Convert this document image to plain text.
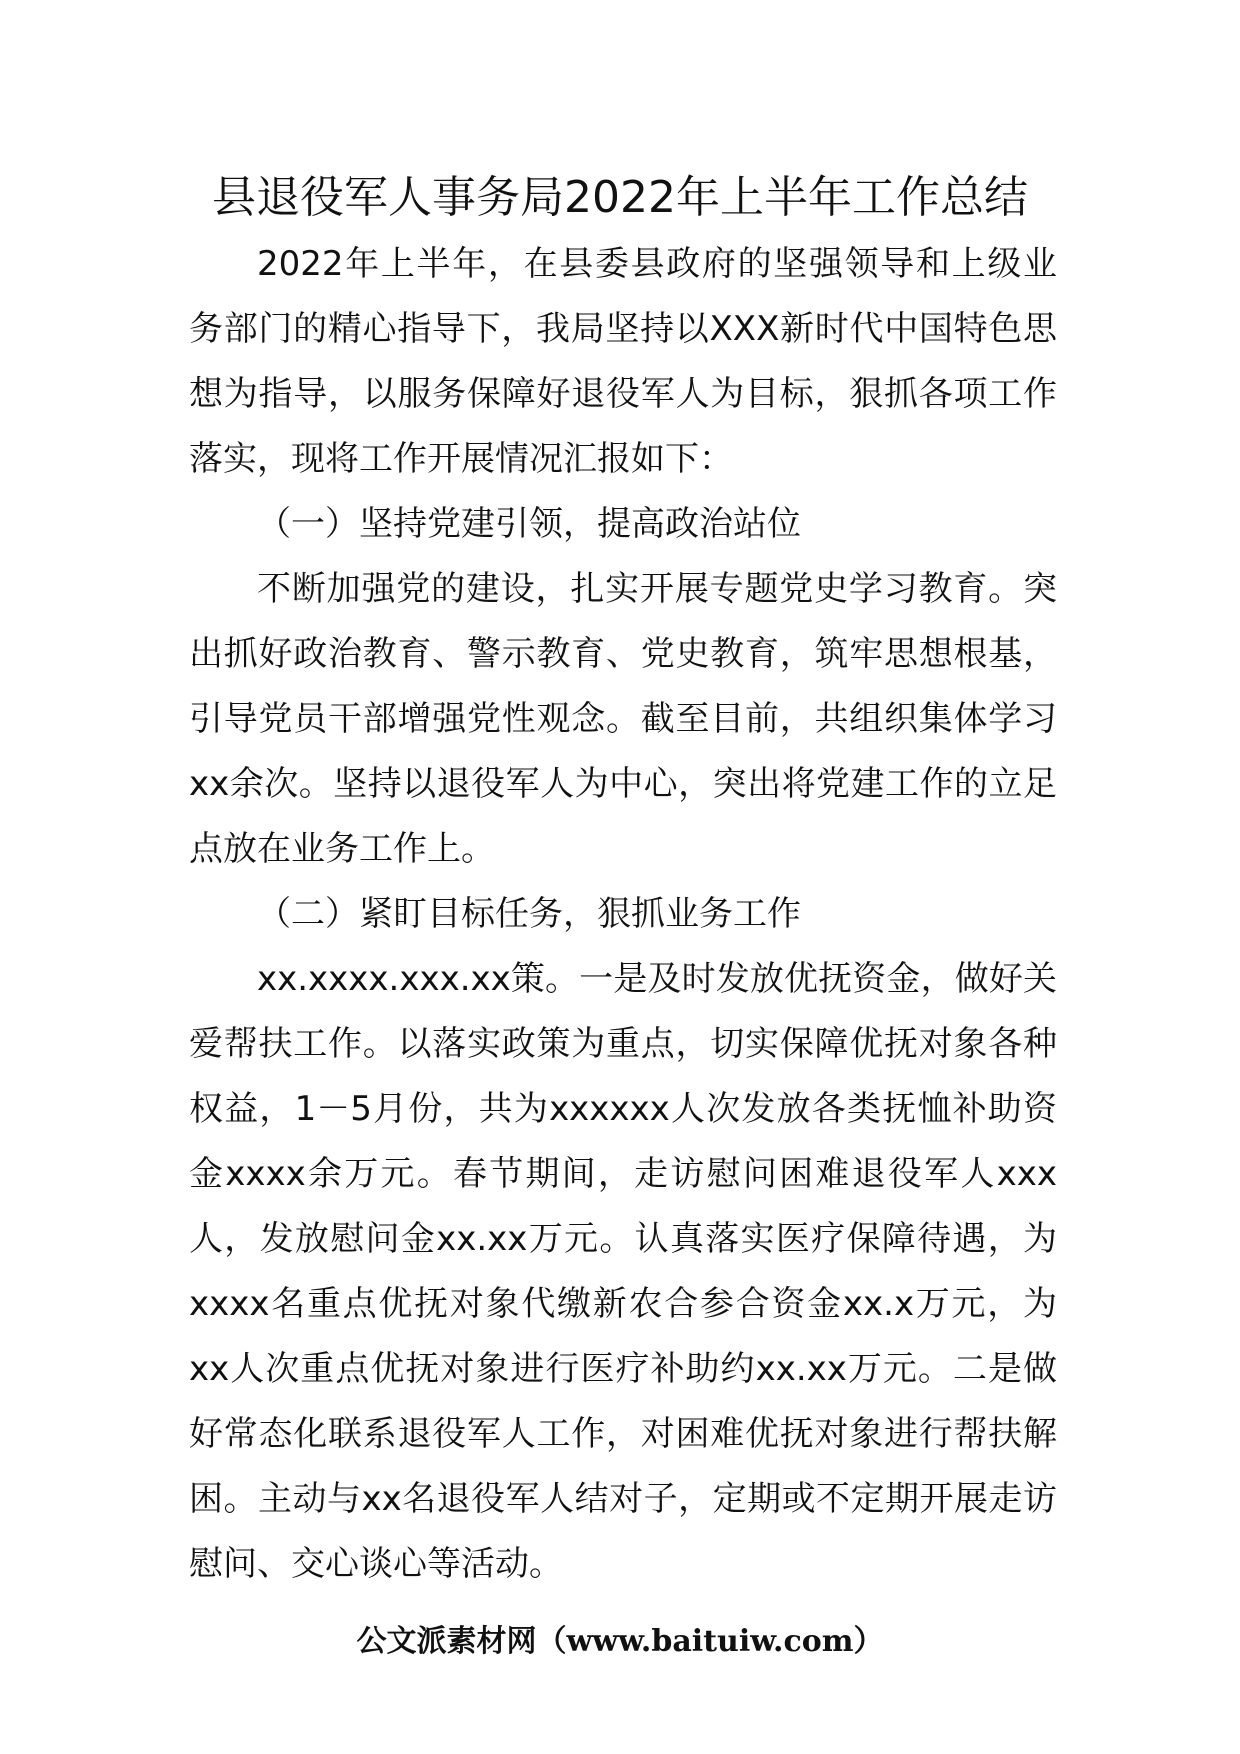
县退役军人事务局2022年上半年工作总结

2022年上半年，在县委县政府的坚强领导和上级业务部门的精心指导下，我局坚持以XXX新时代中国特色思想为指导，以服务保障好退役军人为目标，狠抓各项工作落实，现将工作开展情况汇报如下：

（一）坚持党建引领，提高政治站位

不断加强党的建设，扎实开展专题党史学习教育。突出抓好政治教育、警示教育、党史教育，筑牢思想根基，引导党员干部增强党性观念。截至目前，共组织集体学习xx余次。坚持以退役军人为中心，突出将党建工作的立足点放在业务工作上。

（二）紧盯目标任务，狠抓业务工作

xx.xxxx.xxx.xx策。一是及时发放优抚资金，做好关爱帮扶工作。以落实政策为重点，切实保障优抚对象各种权益，1－5月份，共为xxxxxx人次发放各类抚恤补助资金xxxx余万元。春节期间，走访慰问困难退役军人xxx人，发放慰问金xx.xx万元。认真落实医疗保障待遇，为xxxx名重点优抚对象代缴新农合参合资金xx.x万元，为xx人次重点优抚对象进行医疗补助约xx.xx万元。二是做好常态化联系退役军人工作，对困难优抚对象进行帮扶解困。主动与xx名退役军人结对子，定期或不定期开展走访慰问、交心谈心等活动。

公文派素材网（www.baituiw.com）
